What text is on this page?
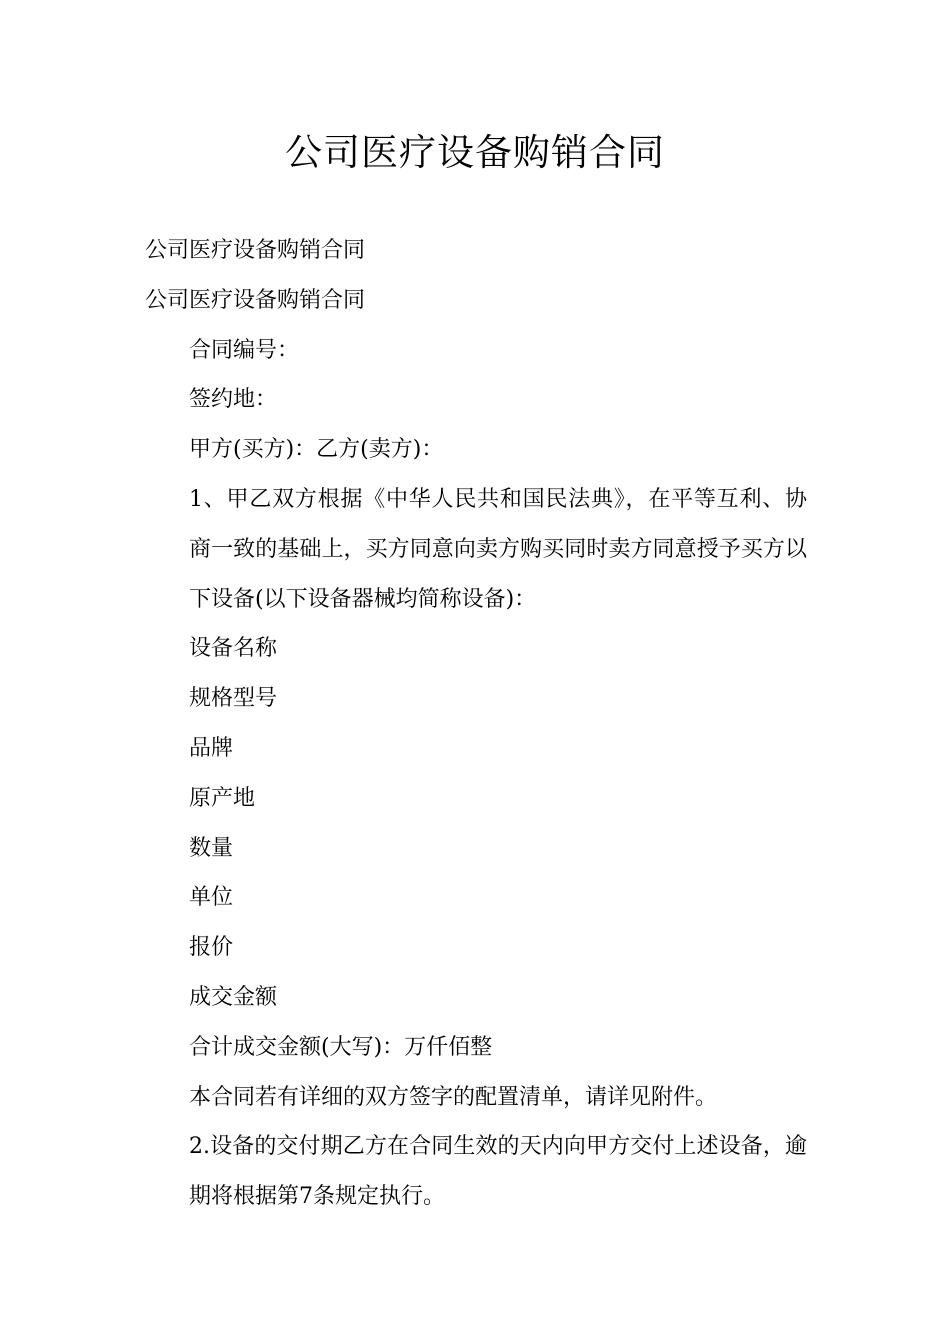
公司医疗设备购销合同

公司医疗设备购销合同

公司医疗设备购销合同

合同编号：

签约地：

甲方(买方)：乙方(卖方)：

1、甲乙双方根据《中华人民共和国民法典》，在平等互利、协商一致的基础上，买方同意向卖方购买同时卖方同意授予买方以下设备(以下设备器械均简称设备)：

设备名称

规格型号

品牌

原产地

数量

单位

报价

成交金额

合计成交金额(大写)：万仟佰整

本合同若有详细的双方签字的配置清单，请详见附件。

2.设备的交付期乙方在合同生效的天内向甲方交付上述设备，逾期将根据第7条规定执行。
